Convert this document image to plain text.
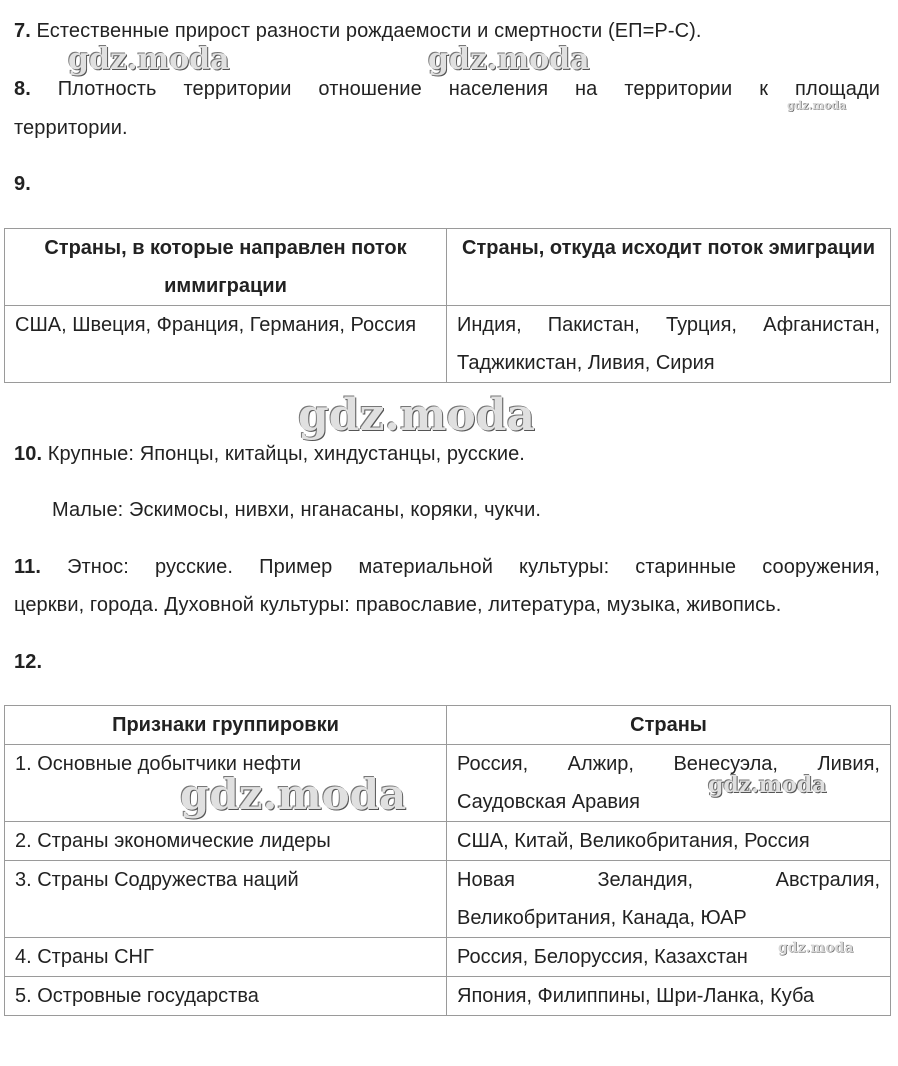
7. Естественные прирост разности рождаемости и смертности (ЕП=Р-С).
8. Плотность территории отношение населения на территории к площади
территории.
9.
Страны, в которые направлен поток иммиграции	Страны, откуда исходит поток эмиграции
США, Швеция, Франция, Германия, Россия	Индия, Пакистан, Турция, Афганистан, Таджикистан, Ливия, Сирия
10. Крупные: Японцы, китайцы, хиндустанцы, русские.
Малые: Эскимосы, нивхи, нганасаны, коряки, чукчи.
11. Этнос: русские. Пример материальной культуры: старинные сооружения,
церкви, города. Духовной культуры: православие, литература, музыка, живопись.
12.
Признаки группировки	Страны
1. Основные добытчики нефти	Россия, Алжир, Венесуэла, Ливия, Саудовская Аравия
2. Страны экономические лидеры	США, Китай, Великобритания, Россия
3. Страны Содружества наций	Новая Зеландия, Австралия, Великобритания, Канада, ЮАР
4. Страны СНГ	Россия, Белоруссия, Казахстан
5. Островные государства	Япония, Филиппины, Шри-Ланка, Куба
gdz.moda	gdz.moda
gdz.moda
gdz.moda
gdz.moda	gdz.moda
gdz.moda
